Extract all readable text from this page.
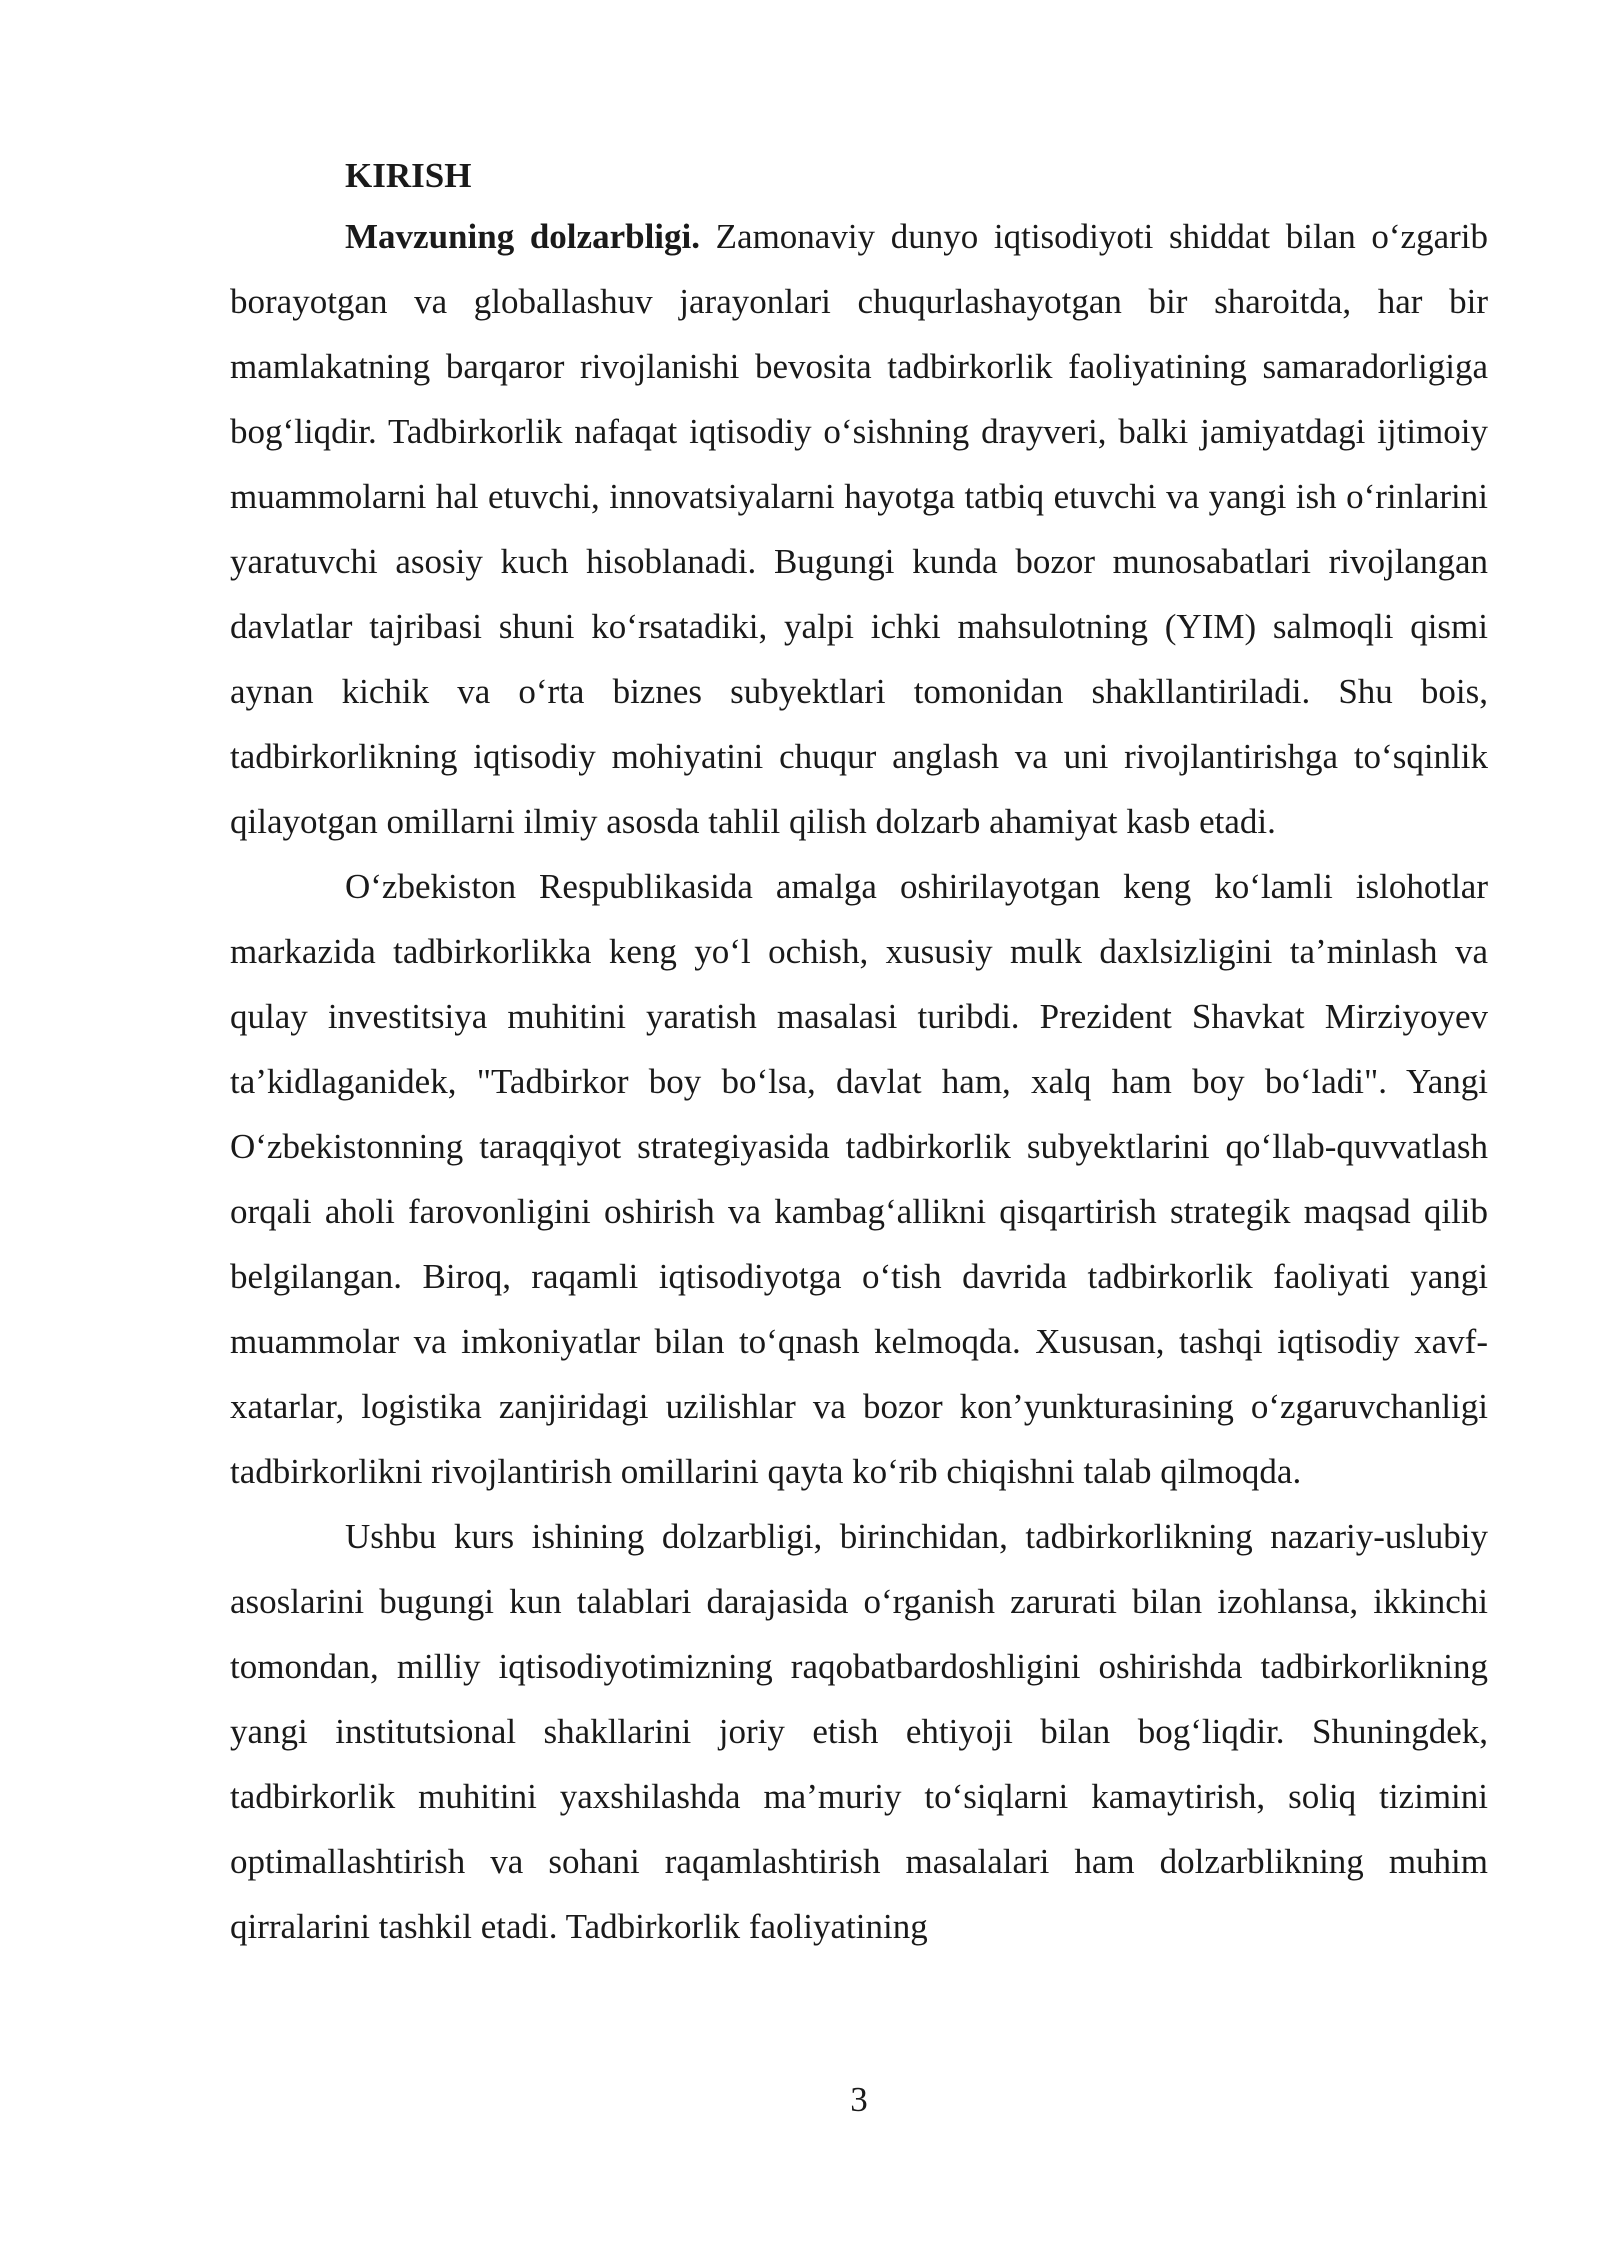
KIRISH

Mavzuning dolzarbligi. Zamonaviy dunyo iqtisodiyoti shiddat bilan o‘zgarib borayotgan va globallashuv jarayonlari chuqurlashayotgan bir sharoitda, har bir mamlakatning barqaror rivojlanishi bevosita tadbirkorlik faoliyatining samaradorligiga bog‘liqdir. Tadbirkorlik nafaqat iqtisodiy o‘sishning drayveri, balki jamiyatdagi ijtimoiy muammolarni hal etuvchi, innovatsiyalarni hayotga tatbiq etuvchi va yangi ish o‘rinlarini yaratuvchi asosiy kuch hisoblanadi. Bugungi kunda bozor munosabatlari rivojlangan davlatlar tajribasi shuni ko‘rsatadiki, yalpi ichki mahsulotning (YIM) salmoqli qismi aynan kichik va o‘rta biznes subyektlari tomonidan shakllantiriladi. Shu bois, tadbirkorlikning iqtisodiy mohiyatini chuqur anglash va uni rivojlantirishga to‘sqinlik qilayotgan omillarni ilmiy asosda tahlil qilish dolzarb ahamiyat kasb etadi.

O‘zbekiston Respublikasida amalga oshirilayotgan keng ko‘lamli islohotlar markazida tadbirkorlikka keng yo‘l ochish, xususiy mulk daxlsizligini ta’minlash va qulay investitsiya muhitini yaratish masalasi turibdi. Prezident Shavkat Mirziyoyev ta’kidlaganidek, "Tadbirkor boy bo‘lsa, davlat ham, xalq ham boy bo‘ladi". Yangi O‘zbekistonning taraqqiyot strategiyasida tadbirkorlik subyektlarini qo‘llab-quvvatlash orqali aholi farovonligini oshirish va kambag‘allikni qisqartirish strategik maqsad qilib belgilangan. Biroq, raqamli iqtisodiyotga o‘tish davrida tadbirkorlik faoliyati yangi muammolar va imkoniyatlar bilan to‘qnash kelmoqda. Xususan, tashqi iqtisodiy xavf-xatarlar, logistika zanjiridagi uzilishlar va bozor kon’yunkturasining o‘zgaruvchanligi tadbirkorlikni rivojlantirish omillarini qayta ko‘rib chiqishni talab qilmoqda.

Ushbu kurs ishining dolzarbligi, birinchidan, tadbirkorlikning nazariy-uslubiy asoslarini bugungi kun talablari darajasida o‘rganish zarurati bilan izohlansa, ikkinchi tomondan, milliy iqtisodiyotimizning raqobatbardoshligini oshirishda tadbirkorlikning yangi institutsional shakllarini joriy etish ehtiyoji bilan bog‘liqdir. Shuningdek, tadbirkorlik muhitini yaxshilashda ma’muriy to‘siqlarni kamaytirish, soliq tizimini optimallashtirish va sohani raqamlashtirish masalalari ham dolzarblikning muhim qirralarini tashkil etadi. Tadbirkorlik faoliyatining

3
